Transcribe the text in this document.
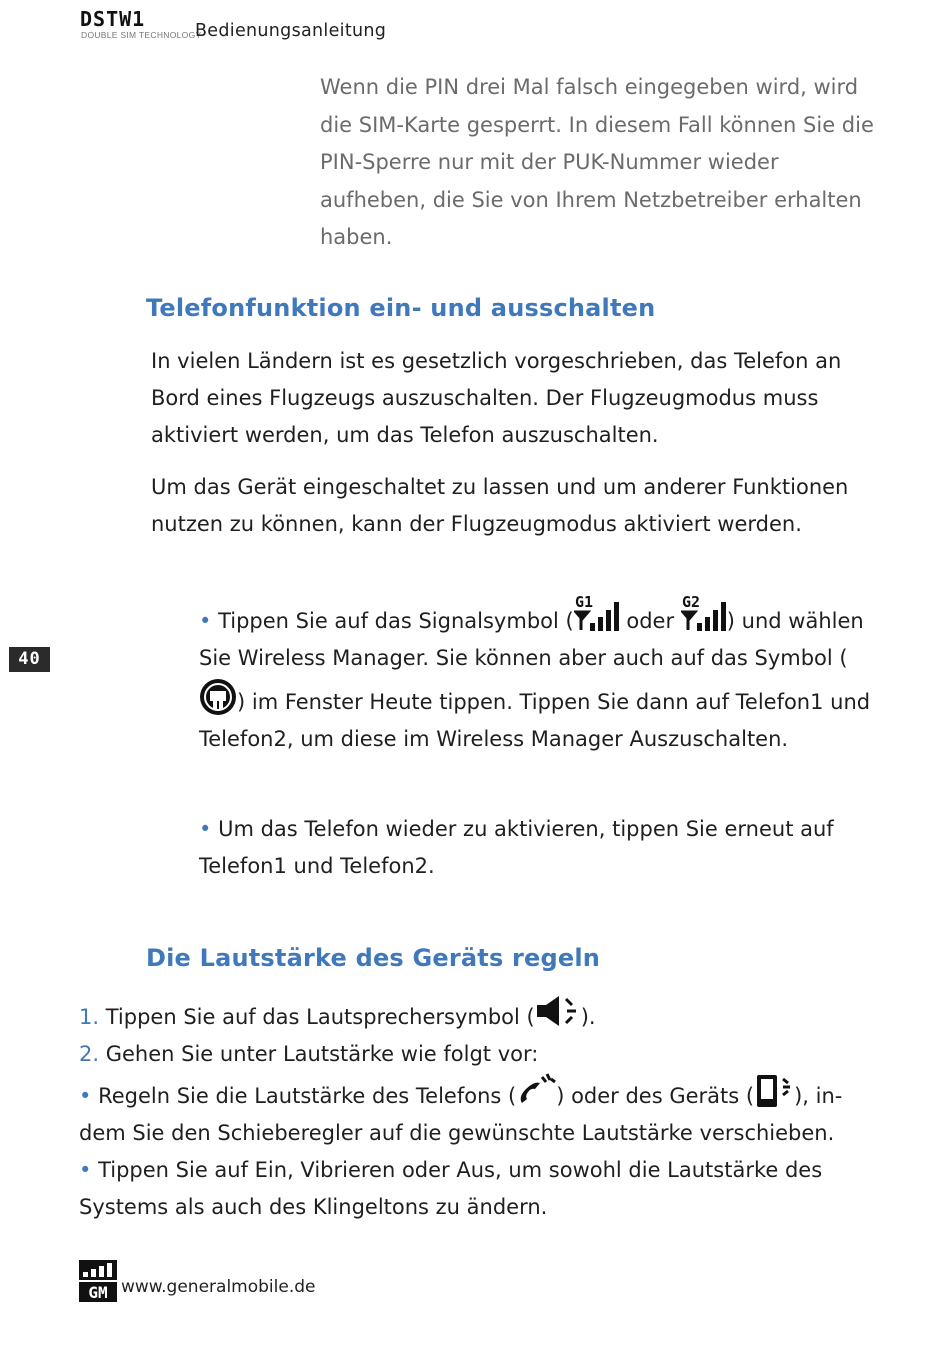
DSTW1
DOUBLE SIM TECHNOLOGY
Bedienungsanleitung
Wenn die PIN drei Mal falsch eingegeben wird, wird die SIM-Karte gesperrt. In diesem Fall können Sie die PIN-Sperre nur mit der PUK-Nummer wieder aufheben, die Sie von Ihrem Netzbetreiber erhalten haben.
Telefonfunktion ein- und ausschalten
In vielen Ländern ist es gesetzlich vorgeschrieben, das Telefon an Bord eines Flugzeugs auszuschalten. Der Flugzeugmodus muss aktiviert werden, um das Telefon auszuschalten.
Um das Gerät eingeschaltet zu lassen und um anderer Funktionen nutzen zu können, kann der Flugzeugmodus aktiviert werden.
• Tippen Sie auf das Signalsymbol (
G1
oder
G2
) und wählen Sie Wireless Manager. Sie können aber auch auf das Symbol () im Fenster Heute tippen. Tippen Sie dann auf Telefon1 und Telefon2, um diese im Wireless Manager Auszuschalten.
• Um das Telefon wieder zu aktivieren, tippen Sie erneut auf Telefon1 und Telefon2.
Die Lautstärke des Geräts regeln
1. Tippen Sie auf das Lautsprechersymbol ( ).
2. Gehen Sie unter Lautstärke wie folgt vor:
• Regeln Sie die Lautstärke des Telefons ( ) oder des Geräts ( ), in-dem Sie den Schieberegler auf die gewünschte Lautstärke verschieben.
• Tippen Sie auf Ein, Vibrieren oder Aus, um sowohl die Lautstärke des Systems als auch des Klingeltons zu ändern.
40
GM www.generalmobile.de
